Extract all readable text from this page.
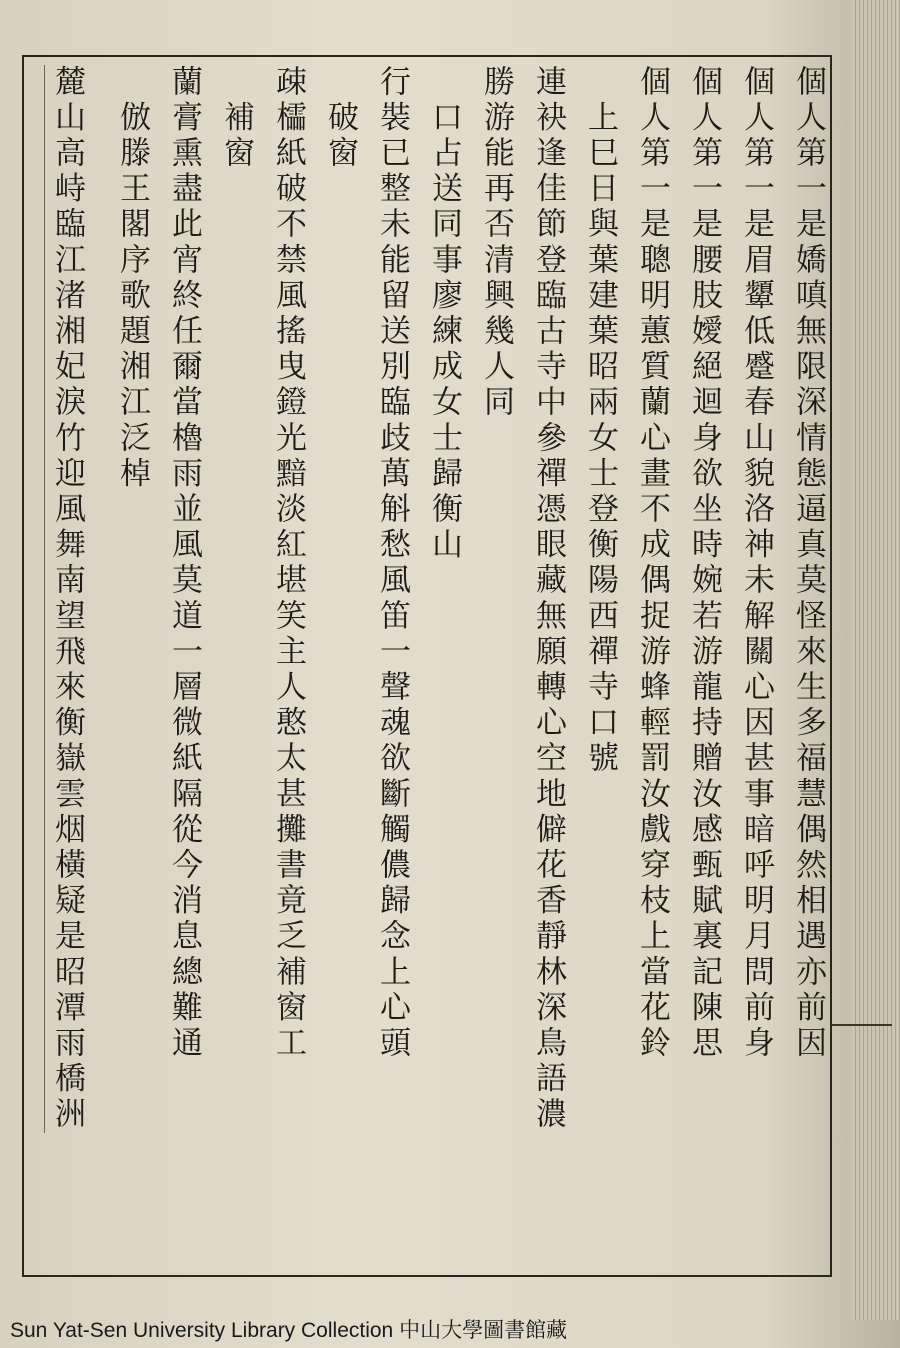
個人第一是嬌嗔無限深情態逼真莫怪來生多福慧偶然相遇亦前因
個人第一是眉顰低蹙春山貌洛神未解關心因甚事暗呼明月問前身
個人第一是腰肢嬡絕迴身欲坐時婉若游龍持贈汝感甄賦裏記陳思
個人第一是聰明蕙質蘭心畫不成偶捉游蜂輕罰汝戲穿枝上當花鈴
　上巳日與葉建葉昭兩女士登衡陽西禪寺口號
連袂逢佳節登臨古寺中參禪憑眼藏無願轉心空地僻花香靜林深鳥語濃
勝游能再否清興幾人同
　口占送同事廖練成女士歸衡山
行裝已整未能留送別臨歧萬斛愁風笛一聲魂欲斷觸儂歸念上心頭
　破窗
疎櫺紙破不禁風搖曳鐙光黯淡紅堪笑主人憨太甚攤書竟乏補窗工
　補窗
蘭膏熏盡此宵終任爾當櫓雨並風莫道一層微紙隔從今消息總難通
　倣滕王閣序歌題湘江泛棹
麓山高峙臨江渚湘妃淚竹迎風舞南望飛來衡嶽雲烟橫疑是昭潭雨橋洲
Sun Yat-Sen University Library Collection 中山大學圖書館藏
